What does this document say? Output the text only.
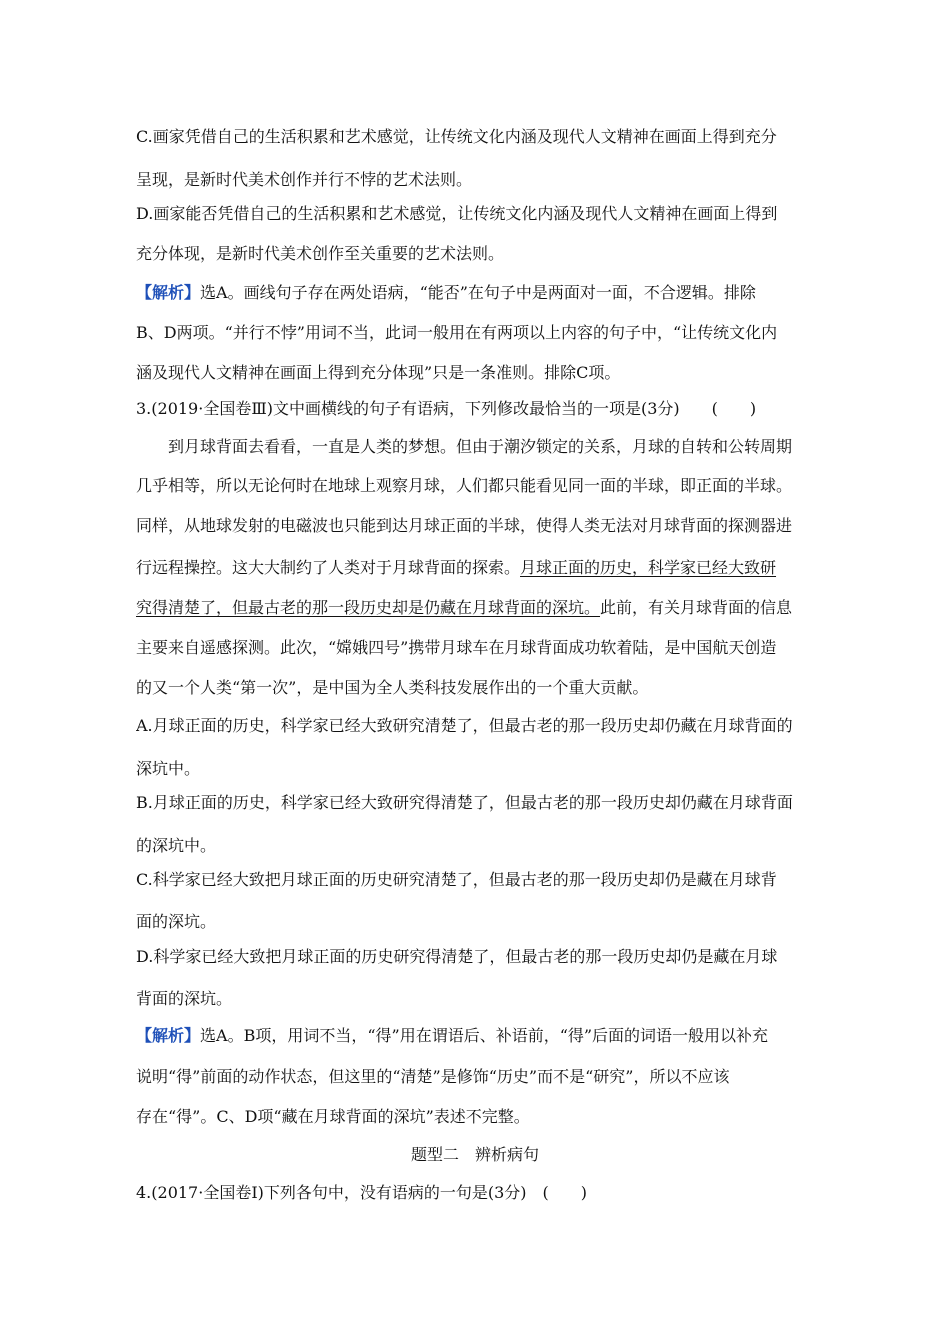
C.画家凭借自己的生活积累和艺术感觉，让传统文化内涵及现代人文精神在画面上得到充分
呈现，是新时代美术创作并行不悖的艺术法则。
D.画家能否凭借自己的生活积累和艺术感觉，让传统文化内涵及现代人文精神在画面上得到
充分体现，是新时代美术创作至关重要的艺术法则。
【解析】选A。画线句子存在两处语病，“能否”在句子中是两面对一面，不合逻辑。排除
B、D两项。“并行不悖”用词不当，此词一般用在有两项以上内容的句子中，“让传统文化内
涵及现代人文精神在画面上得到充分体现”只是一条准则。排除C项。
3.(2019·全国卷Ⅲ)文中画横线的句子有语病，下列修改最恰当的一项是(3分)　　(　　)
到月球背面去看看，一直是人类的梦想。但由于潮汐锁定的关系，月球的自转和公转周期
几乎相等，所以无论何时在地球上观察月球，人们都只能看见同一面的半球，即正面的半球。
同样，从地球发射的电磁波也只能到达月球正面的半球，使得人类无法对月球背面的探测器进
行远程操控。这大大制约了人类对于月球背面的探索。月球正面的历史，科学家已经大致研
究得清楚了，但最古老的那一段历史却是仍藏在月球背面的深坑。此前，有关月球背面的信息
主要来自遥感探测。此次，“嫦娥四号”携带月球车在月球背面成功软着陆，是中国航天创造
的又一个人类“第一次”，是中国为全人类科技发展作出的一个重大贡献。
A.月球正面的历史，科学家已经大致研究清楚了，但最古老的那一段历史却仍藏在月球背面的
深坑中。
B.月球正面的历史，科学家已经大致研究得清楚了，但最古老的那一段历史却仍藏在月球背面
的深坑中。
C.科学家已经大致把月球正面的历史研究清楚了，但最古老的那一段历史却仍是藏在月球背
面的深坑。
D.科学家已经大致把月球正面的历史研究得清楚了，但最古老的那一段历史却仍是藏在月球
背面的深坑。
【解析】选A。B项，用词不当，“得”用在谓语后、补语前，“得”后面的词语一般用以补充
说明“得”前面的动作状态，但这里的“清楚”是修饰“历史”而不是“研究”，所以不应该
存在“得”。C、D项“藏在月球背面的深坑”表述不完整。
题型二　辨析病句
4.(2017·全国卷Ⅰ)下列各句中，没有语病的一句是(3分)　(　　)
